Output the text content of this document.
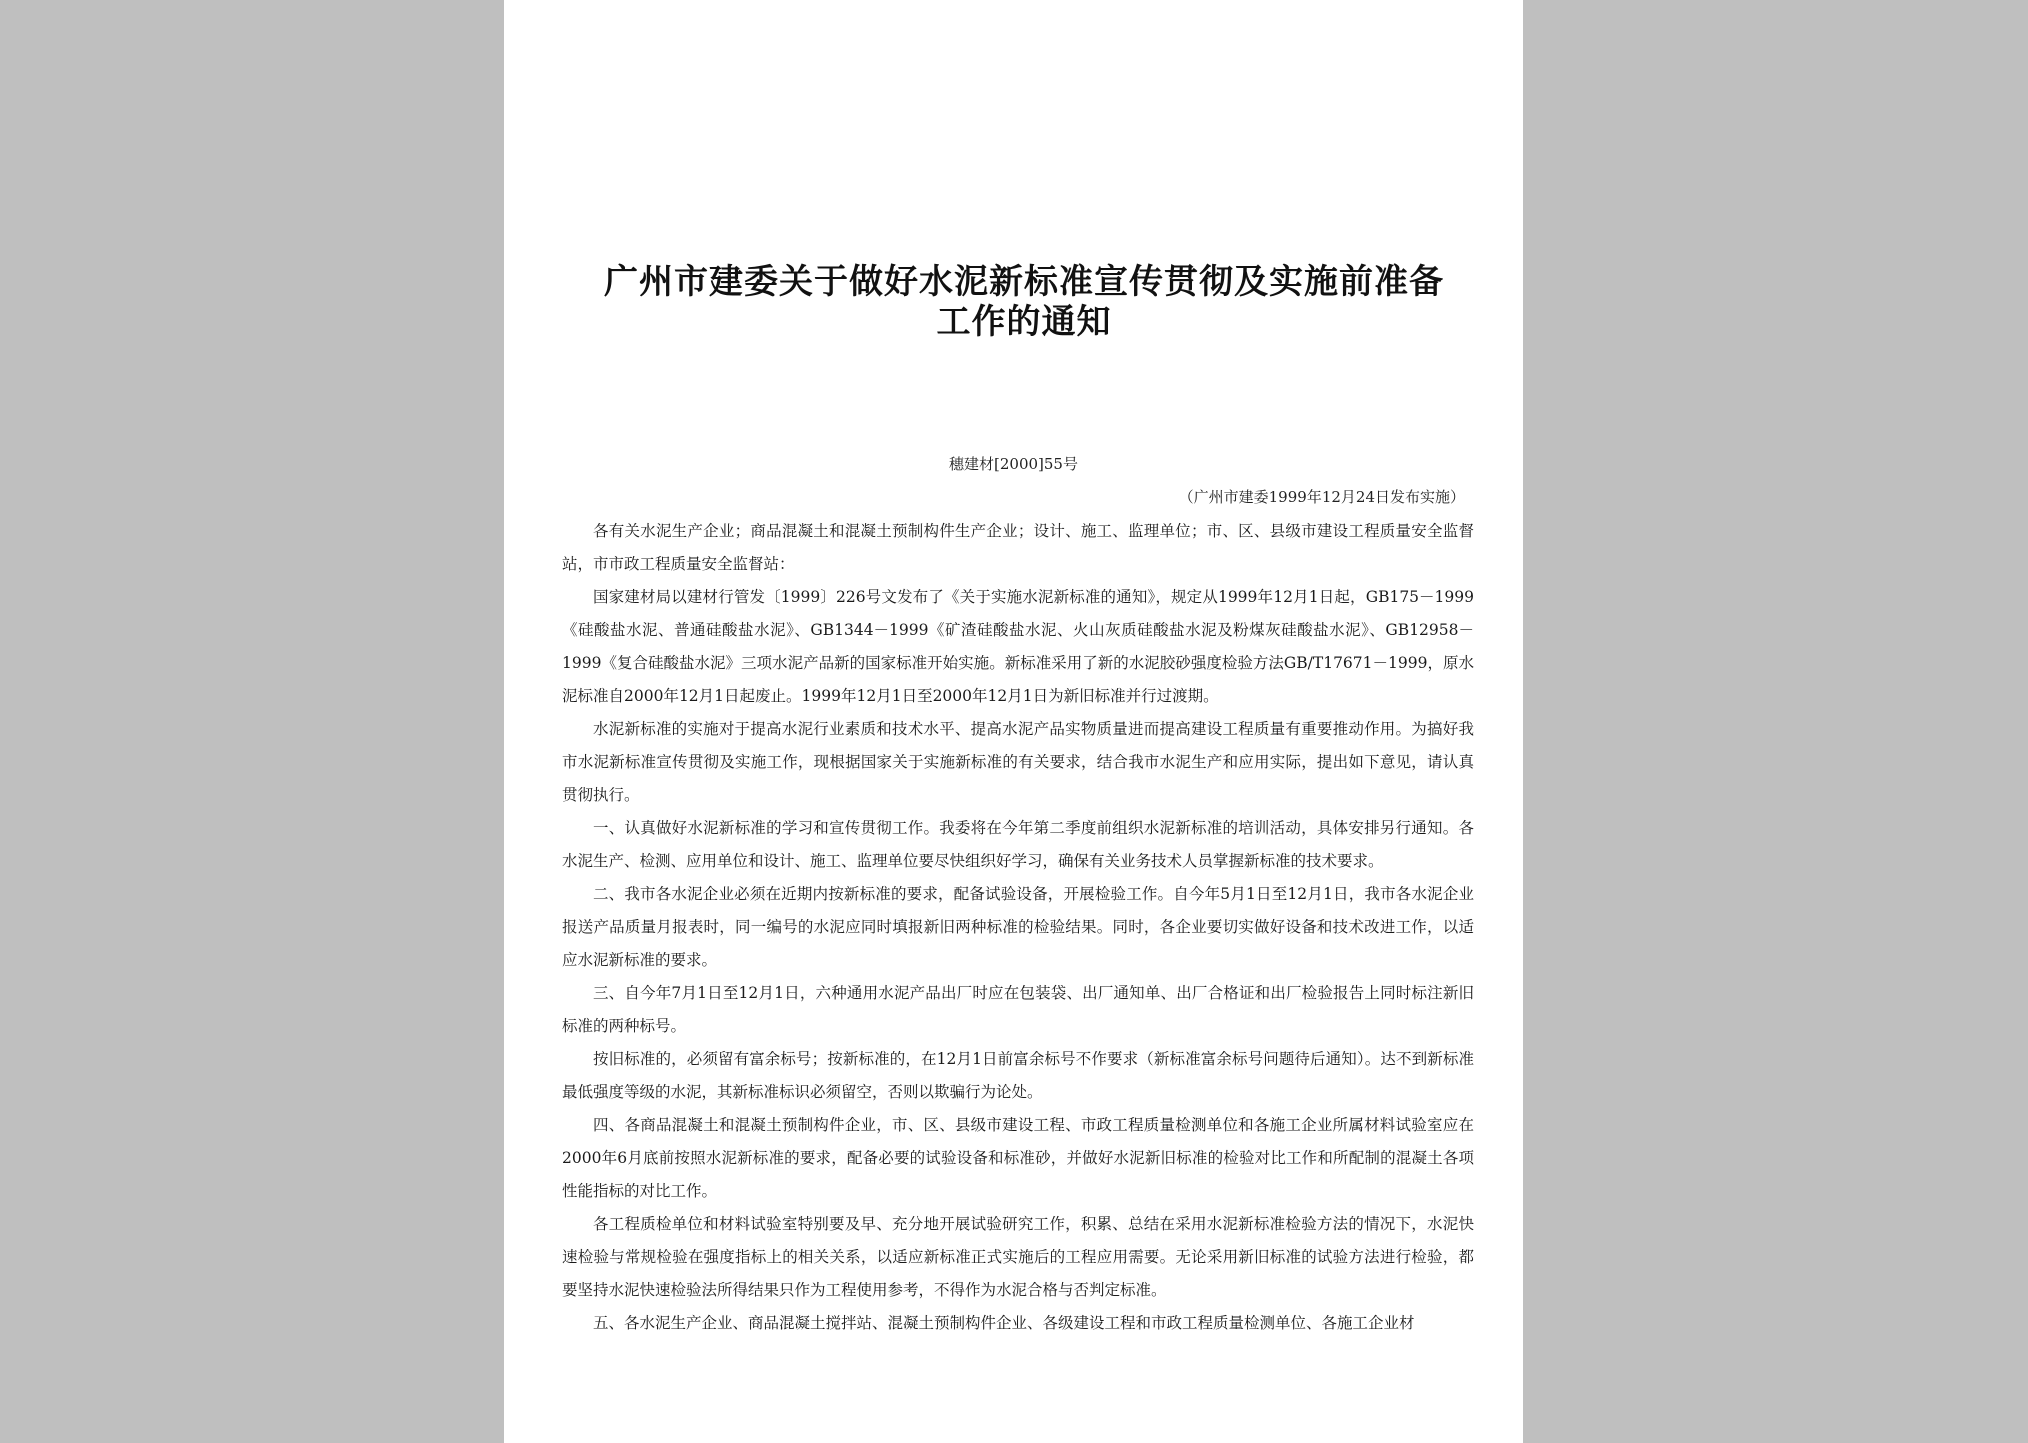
广州市建委关于做好水泥新标准宣传贯彻及实施前准备工作的通知
穗建材[2000]55号
（广州市建委1999年12月24日发布实施）

各有关水泥生产企业；商品混凝土和混凝土预制构件生产企业；设计、施工、监理单位；市、区、县级市建设工程质量安全监督站，市市政工程质量安全监督站：

国家建材局以建材行管发〔1999〕226号文发布了《关于实施水泥新标准的通知》，规定从1999年12月1日起，GB175－1999《硅酸盐水泥、普通硅酸盐水泥》、GB1344－1999《矿渣硅酸盐水泥、火山灰质硅酸盐水泥及粉煤灰硅酸盐水泥》、GB12958－1999《复合硅酸盐水泥》三项水泥产品新的国家标准开始实施。新标准采用了新的水泥胶砂强度检验方法GB/T17671－1999，原水泥标准自2000年12月1日起废止。1999年12月1日至2000年12月1日为新旧标准并行过渡期。

水泥新标准的实施对于提高水泥行业素质和技术水平、提高水泥产品实物质量进而提高建设工程质量有重要推动作用。为搞好我市水泥新标准宣传贯彻及实施工作，现根据国家关于实施新标准的有关要求，结合我市水泥生产和应用实际，提出如下意见，请认真贯彻执行。

一、认真做好水泥新标准的学习和宣传贯彻工作。我委将在今年第二季度前组织水泥新标准的培训活动，具体安排另行通知。各水泥生产、检测、应用单位和设计、施工、监理单位要尽快组织好学习，确保有关业务技术人员掌握新标准的技术要求。

二、我市各水泥企业必须在近期内按新标准的要求，配备试验设备，开展检验工作。自今年5月1日至12月1日，我市各水泥企业报送产品质量月报表时，同一编号的水泥应同时填报新旧两种标准的检验结果。同时，各企业要切实做好设备和技术改进工作，以适应水泥新标准的要求。

三、自今年7月1日至12月1日，六种通用水泥产品出厂时应在包装袋、出厂通知单、出厂合格证和出厂检验报告上同时标注新旧标准的两种标号。

按旧标准的，必须留有富余标号；按新标准的，在12月1日前富余标号不作要求（新标准富余标号问题待后通知）。达不到新标准最低强度等级的水泥，其新标准标识必须留空，否则以欺骗行为论处。

四、各商品混凝土和混凝土预制构件企业，市、区、县级市建设工程、市政工程质量检测单位和各施工企业所属材料试验室应在2000年6月底前按照水泥新标准的要求，配备必要的试验设备和标准砂，并做好水泥新旧标准的检验对比工作和所配制的混凝土各项性能指标的对比工作。

各工程质检单位和材料试验室特别要及早、充分地开展试验研究工作，积累、总结在采用水泥新标准检验方法的情况下，水泥快速检验与常规检验在强度指标上的相关关系，以适应新标准正式实施后的工程应用需要。无论采用新旧标准的试验方法进行检验，都要坚持水泥快速检验法所得结果只作为工程使用参考，不得作为水泥合格与否判定标准。

五、各水泥生产企业、商品混凝土搅拌站、混凝土预制构件企业、各级建设工程和市政工程质量检测单位、各施工企业材
